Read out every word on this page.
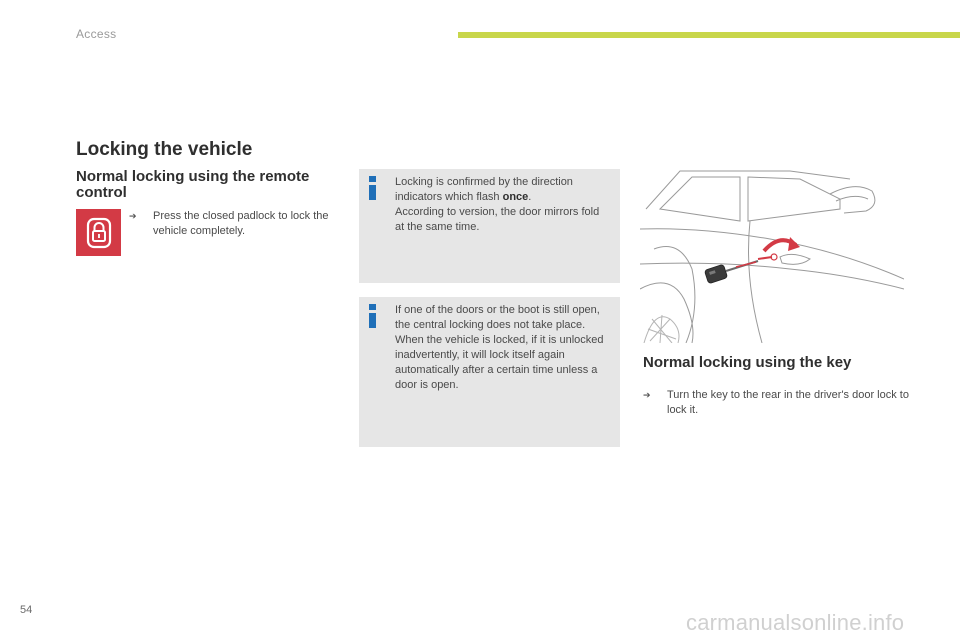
Access
Locking the vehicle
Normal locking using the remote control
➔	Press the closed padlock to lock the vehicle completely.

Locking is confirmed by the direction indicators which flash once.

According to version, the door mirrors fold at the same time.

If one of the doors or the boot is still open, the central locking does not take place.

When the vehicle is locked, if it is unlocked inadvertently, it will lock itself again automatically after a certain time unless a door is open.

Normal locking using the key
➔	Turn the key to the rear in the driver's door lock to lock it.
54	carmanualsonline.info
